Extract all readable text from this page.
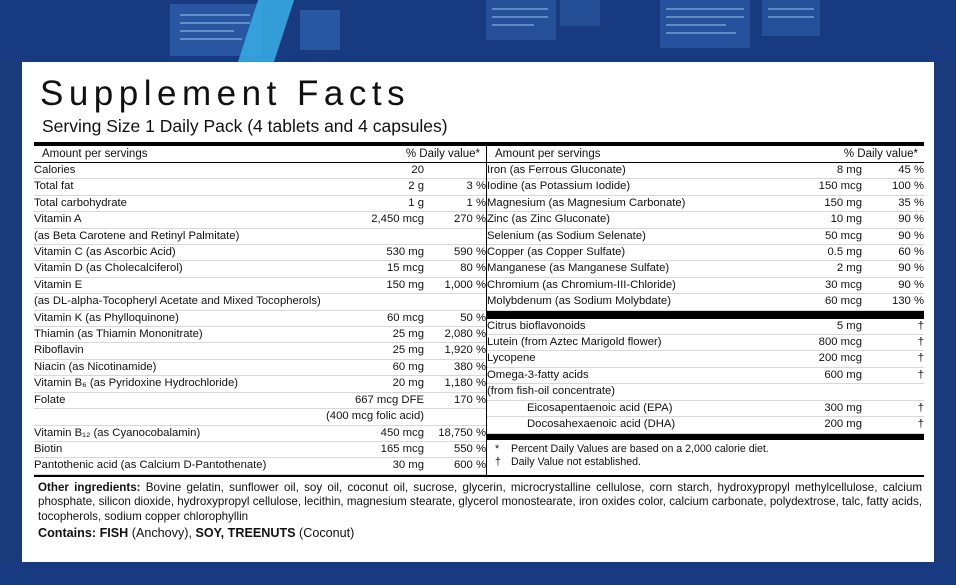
Supplement Facts
Serving Size 1 Daily Pack (4 tablets and 4 capsules)
Amount per servings	% Daily value*
Calories	20	
Total fat	2 g	3 %
Total carbohydrate	1 g	1 %
Vitamin A	2,450 mcg	270 %
(as Beta Carotene and Retinyl Palmitate)		
Vitamin C (as Ascorbic Acid)	530 mg	590 %
Vitamin D (as Cholecalciferol)	15 mcg	80 %
Vitamin E	150 mg	1,000 %
(as DL-alpha-Tocopheryl Acetate and Mixed Tocopherols)		
Vitamin K (as Phylloquinone)	60 mcg	50 %
Thiamin (as Thiamin Mononitrate)	25 mg	2,080 %
Riboflavin	25 mg	1,920 %
Niacin (as Nicotinamide)	60 mg	380 %
Vitamin B₆ (as Pyridoxine Hydrochloride)	20 mg	1,180 %
Folate	667 mcg DFE	170 %
	(400 mcg folic acid)	
Vitamin B₁₂ (as Cyanocobalamin)	450 mcg	18,750 %
Biotin	165 mcg	550 %
Pantothenic acid (as Calcium D-Pantothenate)	30 mg	600 %
Amount per servings	% Daily value*
Iron (as Ferrous Gluconate)	8 mg	45 %
Iodine (as Potassium Iodide)	150 mcg	100 %
Magnesium (as Magnesium Carbonate)	150 mg	35 %
Zinc (as Zinc Gluconate)	10 mg	90 %
Selenium (as Sodium Selenate)	50 mcg	90 %
Copper (as Copper Sulfate)	0.5 mg	60 %
Manganese (as Manganese Sulfate)	2 mg	90 %
Chromium (as Chromium-III-Chloride)	30 mcg	90 %
Molybdenum (as Sodium Molybdate)	60 mcg	130 %
Citrus bioflavonoids	5 mg	†
Lutein (from Aztec Marigold flower)	800 mcg	†
Lycopene	200 mcg	†
Omega-3-fatty acids	600 mg	†
(from fish-oil concentrate)		
Eicosapentaenoic acid (EPA)	300 mg	†
Docosahexaenoic acid (DHA)	200 mg	†
*	Percent Daily Values are based on a 2,000 calorie diet.
† Daily Value not established.
Other ingredients: Bovine gelatin, sunflower oil, soy oil, coconut oil, sucrose, glycerin, microcrystalline cellulose, corn starch, hydroxypropyl methylcellulose, calcium phosphate, silicon dioxide, hydroxypropyl cellulose, lecithin, magnesium stearate, glycerol monostearate, iron oxides color, calcium carbonate, polydextrose, talc, fatty acids, tocopherols, sodium copper chlorophyllin
Contains: FISH (Anchovy), SOY, TREENUTS (Coconut)
